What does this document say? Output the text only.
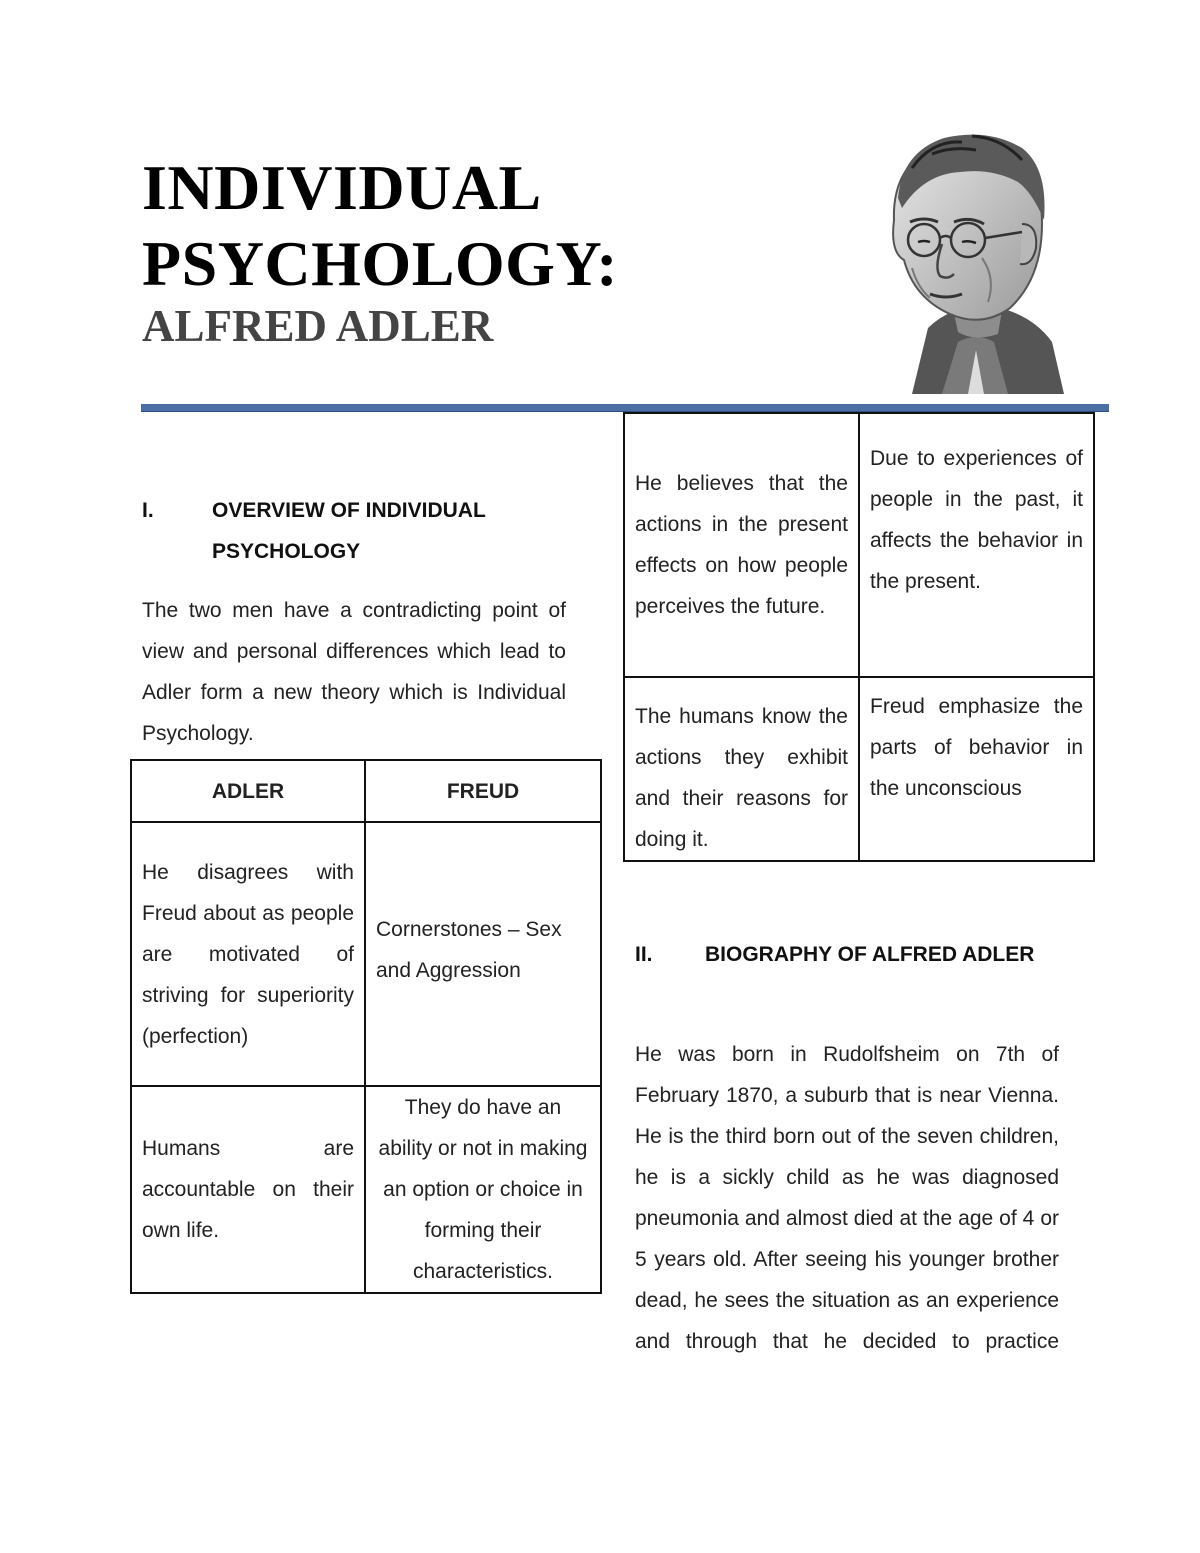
INDIVIDUAL
PSYCHOLOGY:
ALFRED ADLER
I.	OVERVIEW OF INDIVIDUAL PSYCHOLOGY

The two men have a contradicting point of view and personal differences which lead to Adler form a new theory which is Individual Psychology.

ADLER	FREUD
He disagrees with Freud about as people are motivated of striving for superiority (perfection)	Cornerstones – Sex and Aggression
Humans are accountable on their own life.	They do have an ability or not in making an option or choice in forming their characteristics.
He believes that the actions in the present effects on how people perceives the future.	Due to experiences of people in the past, it affects the behavior in the present.
The humans know the actions they exhibit and their reasons for doing it.	Freud emphasize the parts of behavior in the unconscious
II.	BIOGRAPHY OF ALFRED ADLER

He was born in Rudolfsheim on 7th of February 1870, a suburb that is near Vienna. He is the third born out of the seven children, he is a sickly child as he was diagnosed pneumonia and almost died at the age of 4 or 5 years old. After seeing his younger brother dead, he sees the situation as an experience and through that he decided to practice
